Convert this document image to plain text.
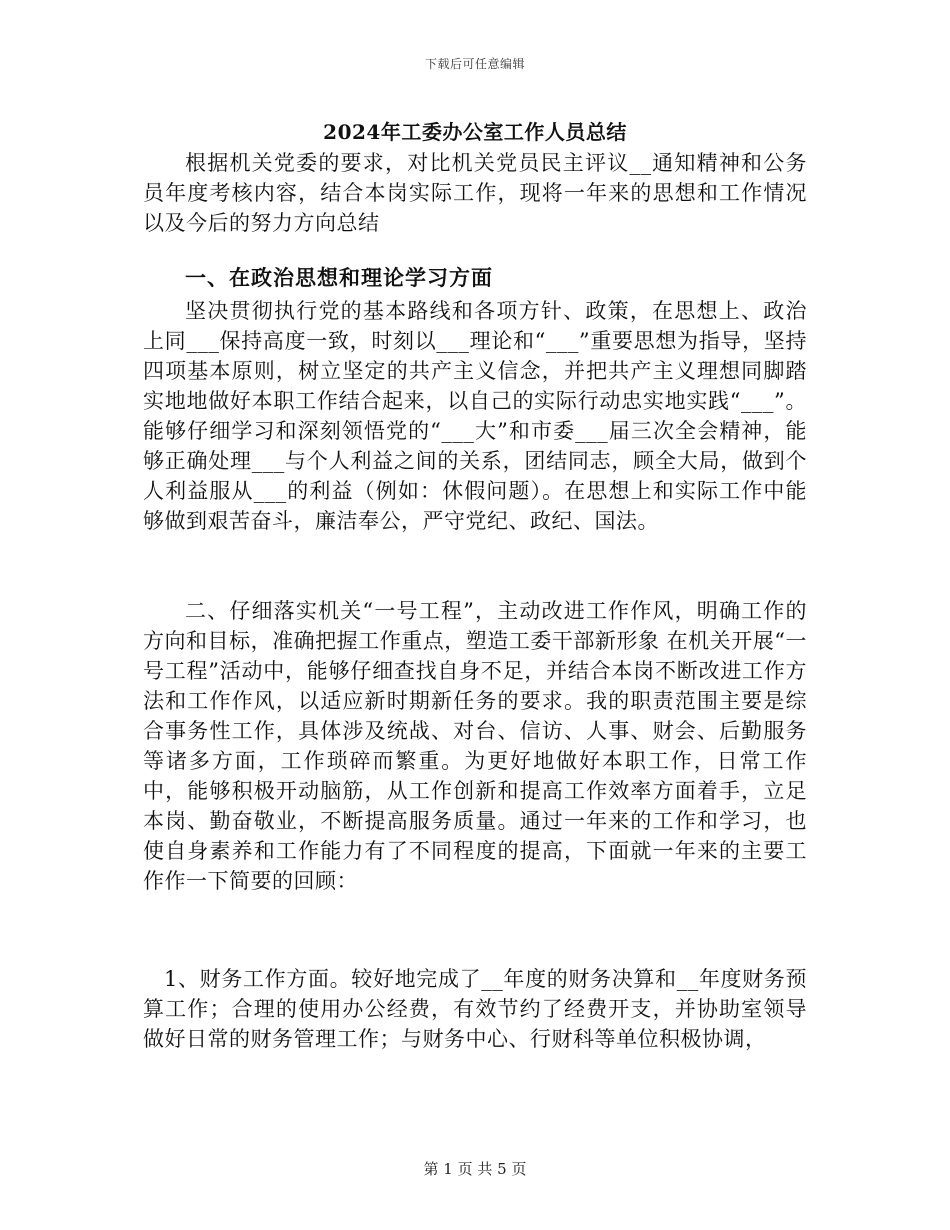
下载后可任意编辑
2024年工委办公室工作人员总结

根据机关党委的要求，对比机关党员民主评议__通知精神和公务员年度考核内容，结合本岗实际工作，现将一年来的思想和工作情况以及今后的努力方向总结

一、在政治思想和理论学习方面

坚决贯彻执行党的基本路线和各项方针、政策，在思想上、政治上同___保持高度一致，时刻以___理论和“___”重要思想为指导，坚持四项基本原则，树立坚定的共产主义信念，并把共产主义理想同脚踏实地地做好本职工作结合起来，以自己的实际行动忠实地实践“___”。能够仔细学习和深刻领悟党的“___大”和市委___届三次全会精神，能够正确处理___与个人利益之间的关系，团结同志，顾全大局，做到个人利益服从___的利益（例如：休假问题）。在思想上和实际工作中能够做到艰苦奋斗，廉洁奉公，严守党纪、政纪、国法。

二、仔细落实机关“一号工程”，主动改进工作作风，明确工作的方向和目标，准确把握工作重点，塑造工委干部新形象 在机关开展“一号工程”活动中，能够仔细查找自身不足，并结合本岗不断改进工作方法和工作作风，以适应新时期新任务的要求。我的职责范围主要是综合事务性工作，具体涉及统战、对台、信访、人事、财会、后勤服务等诸多方面，工作琐碎而繁重。为更好地做好本职工作，日常工作中，能够积极开动脑筋，从工作创新和提高工作效率方面着手，立足本岗、勤奋敬业，不断提高服务质量。通过一年来的工作和学习，也使自身素养和工作能力有了不同程度的提高，下面就一年来的主要工作作一下简要的回顾：

1、财务工作方面。较好地完成了__年度的财务决算和__年度财务预算工作；合理的使用办公经费，有效节约了经费开支，并协助室领导做好日常的财务管理工作；与财务中心、行财科等单位积极协调，

第 1 页 共 5 页
